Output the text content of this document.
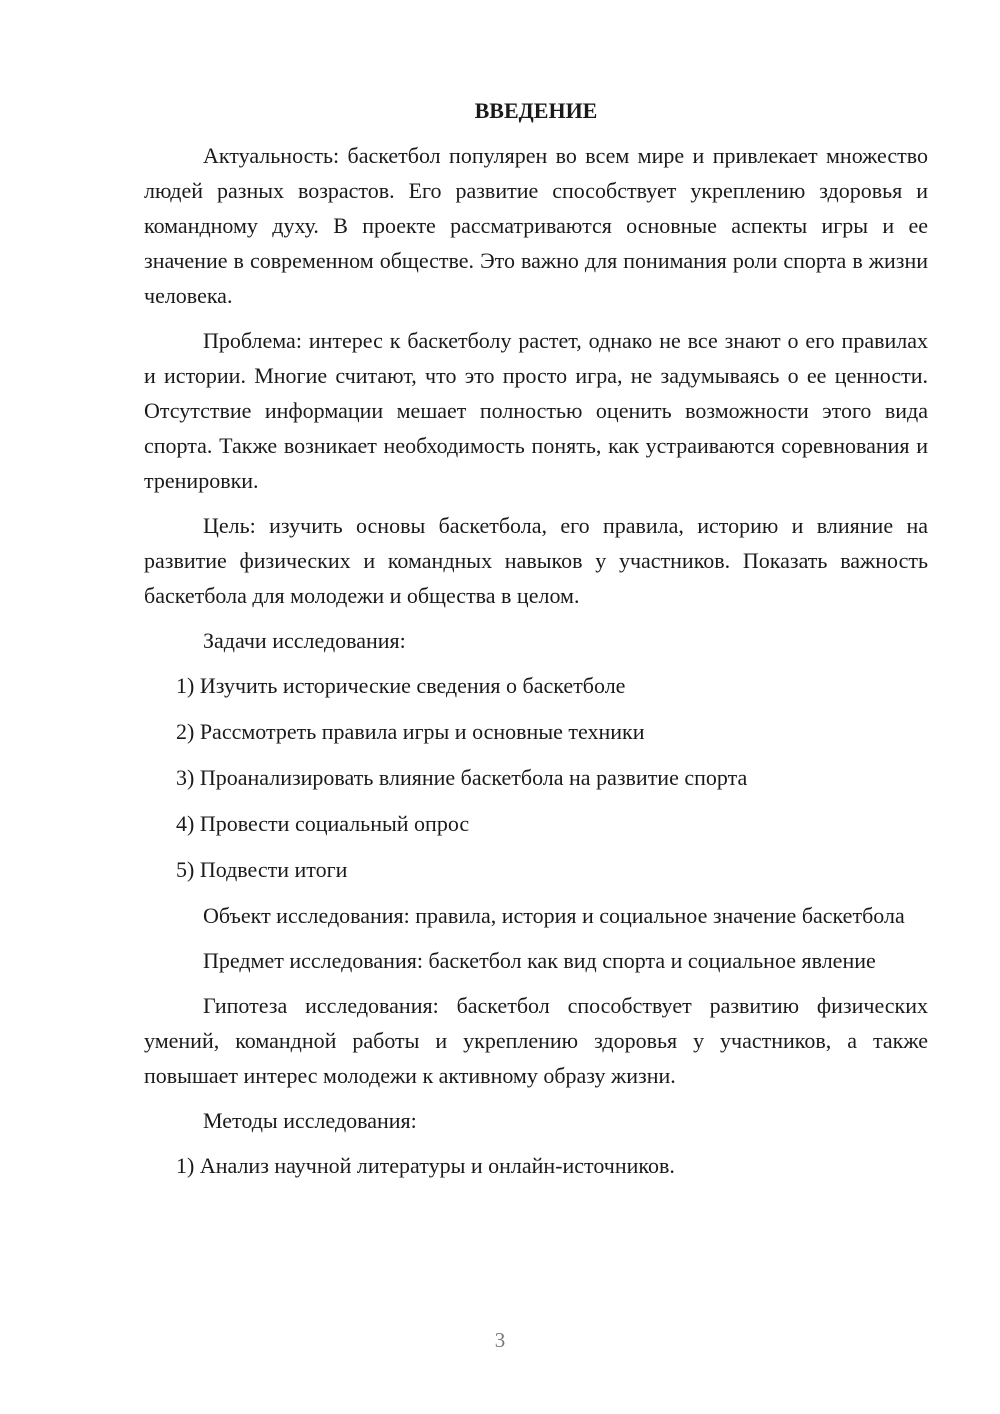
ВВЕДЕНИЕ

Актуальность: баскетбол популярен во всем мире и привлекает множество людей разных возрастов. Его развитие способствует укреплению здоровья и командному духу. В проекте рассматриваются основные аспекты игры и ее значение в современном обществе. Это важно для понимания роли спорта в жизни человека.

Проблема: интерес к баскетболу растет, однако не все знают о его правилах и истории. Многие считают, что это просто игра, не задумываясь о ее ценности. Отсутствие информации мешает полностью оценить возможности этого вида спорта. Также возникает необходимость понять, как устраиваются соревнования и тренировки.

Цель: изучить основы баскетбола, его правила, историю и влияние на развитие физических и командных навыков у участников. Показать важность баскетбола для молодежи и общества в целом.

Задачи исследования:

1) Изучить исторические сведения о баскетболе
2) Рассмотреть правила игры и основные техники
3) Проанализировать влияние баскетбола на развитие спорта
4) Провести социальный опрос
5) Подвести итоги

Объект исследования: правила, история и социальное значение баскетбола

Предмет исследования: баскетбол как вид спорта и социальное явление

Гипотеза исследования: баскетбол способствует развитию физических умений, командной работы и укреплению здоровья у участников, а также повышает интерес молодежи к активному образу жизни.

Методы исследования:

1) Анализ научной литературы и онлайн-источников.
3
